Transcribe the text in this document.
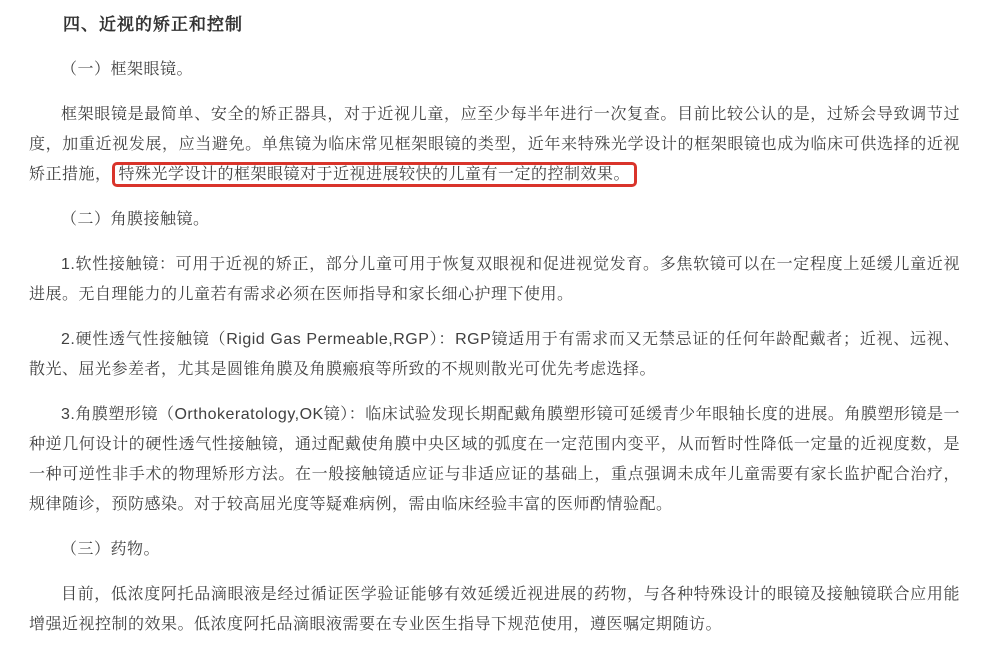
四、近视的矫正和控制

（一）框架眼镜。

框架眼镜是最简单、安全的矫正器具，对于近视儿童，应至少每半年进行一次复查。目前比较公认的是，过矫会导致调节过度，加重近视发展，应当避免。单焦镜为临床常见框架眼镜的类型，近年来特殊光学设计的框架眼镜也成为临床可供选择的近视矫正措施， 特殊光学设计的框架眼镜对于近视进展较快的儿童有一定的控制效果。

（二）角膜接触镜。

1.软性接触镜：可用于近视的矫正，部分儿童可用于恢复双眼视和促进视觉发育。多焦软镜可以在一定程度上延缓儿童近视进展。无自理能力的儿童若有需求必须在医师指导和家长细心护理下使用。

2.硬性透气性接触镜（Rigid Gas Permeable,RGP）：RGP镜适用于有需求而又无禁忌证的任何年龄配戴者；近视、远视、散光、屈光参差者，尤其是圆锥角膜及角膜瘢痕等所致的不规则散光可优先考虑选择。

3.角膜塑形镜（Orthokeratology,OK镜）：临床试验发现长期配戴角膜塑形镜可延缓青少年眼轴长度的进展。角膜塑形镜是一种逆几何设计的硬性透气性接触镜，通过配戴使角膜中央区域的弧度在一定范围内变平，从而暂时性降低一定量的近视度数，是一种可逆性非手术的物理矫形方法。在一般接触镜适应证与非适应证的基础上，重点强调未成年儿童需要有家长监护配合治疗，规律随诊，预防感染。对于较高屈光度等疑难病例，需由临床经验丰富的医师酌情验配。

（三）药物。

目前，低浓度阿托品滴眼液是经过循证医学验证能够有效延缓近视进展的药物，与各种特殊设计的眼镜及接触镜联合应用能增强近视控制的效果。低浓度阿托品滴眼液需要在专业医生指导下规范使用，遵医嘱定期随访。
